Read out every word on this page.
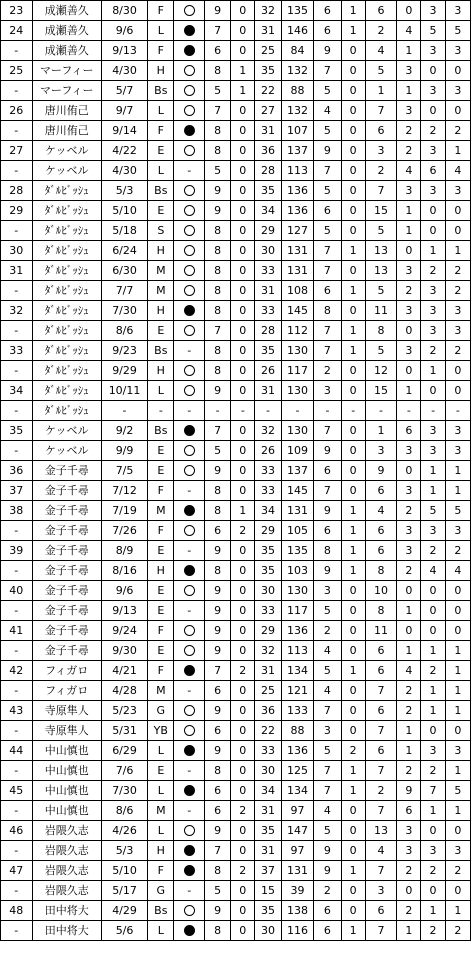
23	成瀬善久	8/30	F		9	0	32	135	6	1	6	0	3	3
24	成瀬善久	9/6	L		7	0	31	146	6	1	2	4	5	5
-	成瀬善久	9/13	F		6	0	25	84	9	0	4	1	3	3
25	マーフィー	4/30	H		8	1	35	132	7	0	5	3	0	0
-	マーフィー	5/7	Bs		5	1	22	88	5	0	1	1	3	3
26	唐川侑己	9/7	L		7	0	27	132	4	0	7	3	0	0
-	唐川侑己	9/14	F		8	0	31	107	5	0	6	2	2	2
27	ケッベル	4/22	E		8	0	36	137	9	0	3	2	3	1
-	ケッベル	4/30	L	-	5	0	28	113	7	0	2	4	6	4
28	ﾀﾞﾙﾋﾞｯｼｭ	5/3	Bs		9	0	35	136	5	0	7	3	3	3
29	ﾀﾞﾙﾋﾞｯｼｭ	5/10	E		9	0	34	136	6	0	15	1	0	0
-	ﾀﾞﾙﾋﾞｯｼｭ	5/18	S		8	0	29	127	5	0	5	1	0	0
30	ﾀﾞﾙﾋﾞｯｼｭ	6/24	H		8	0	30	131	7	1	13	0	1	1
31	ﾀﾞﾙﾋﾞｯｼｭ	6/30	M		8	0	33	131	7	0	13	3	2	2
-	ﾀﾞﾙﾋﾞｯｼｭ	7/7	M		8	0	31	108	6	1	5	2	3	2
32	ﾀﾞﾙﾋﾞｯｼｭ	7/30	H		8	0	33	145	8	0	11	3	3	3
-	ﾀﾞﾙﾋﾞｯｼｭ	8/6	E		7	0	28	112	7	1	8	0	3	3
33	ﾀﾞﾙﾋﾞｯｼｭ	9/23	Bs	-	8	0	35	130	7	1	5	3	2	2
-	ﾀﾞﾙﾋﾞｯｼｭ	9/29	H		8	0	26	117	2	0	12	0	1	0
34	ﾀﾞﾙﾋﾞｯｼｭ	10/11	L		9	0	31	130	3	0	15	1	0	0
-	ﾀﾞﾙﾋﾞｯｼｭ	-	-	-	-	-	-	-	-	-	-	-	-	-
35	ケッベル	9/2	Bs		7	0	32	130	7	0	1	6	3	3
-	ケッベル	9/9	E		5	0	26	109	9	0	3	3	3	3
36	金子千尋	7/5	E		9	0	33	137	6	0	9	0	1	1
37	金子千尋	7/12	F	-	8	0	33	145	7	0	6	3	1	1
38	金子千尋	7/19	M		8	1	34	131	9	1	4	2	5	5
-	金子千尋	7/26	F		6	2	29	105	6	1	6	3	3	3
39	金子千尋	8/9	E	-	9	0	35	135	8	1	6	3	2	2
-	金子千尋	8/16	H		8	0	35	103	9	1	8	2	4	4
40	金子千尋	9/6	E		9	0	30	130	3	0	10	0	0	0
-	金子千尋	9/13	E	-	9	0	33	117	5	0	8	1	0	0
41	金子千尋	9/24	F		9	0	29	136	2	0	11	0	0	0
-	金子千尋	9/30	E		9	0	32	113	4	0	6	1	1	1
42	フィガロ	4/21	F		7	2	31	134	5	1	6	4	2	1
-	フィガロ	4/28	M	-	6	0	25	121	4	0	7	2	1	1
43	寺原隼人	5/23	G		9	0	36	133	7	0	6	2	1	1
-	寺原隼人	5/31	YB		6	0	22	88	3	0	7	1	0	0
44	中山慎也	6/29	L		9	0	33	136	5	2	6	1	3	3
-	中山慎也	7/6	E	-	8	0	30	125	7	1	7	2	2	1
45	中山慎也	7/30	L		6	0	34	134	7	1	2	9	7	5
-	中山慎也	8/6	M	-	6	2	31	97	4	0	7	6	1	1
46	岩隈久志	4/26	L		9	0	35	147	5	0	13	3	0	0
-	岩隈久志	5/3	H		7	0	31	97	9	0	4	3	3	3
47	岩隈久志	5/10	F		8	2	37	131	9	1	7	2	2	2
-	岩隈久志	5/17	G	-	5	0	15	39	2	0	3	0	0	0
48	田中将大	4/29	Bs		9	0	35	138	6	0	6	2	1	1
-	田中将大	5/6	L		8	0	30	116	6	1	7	1	2	2
